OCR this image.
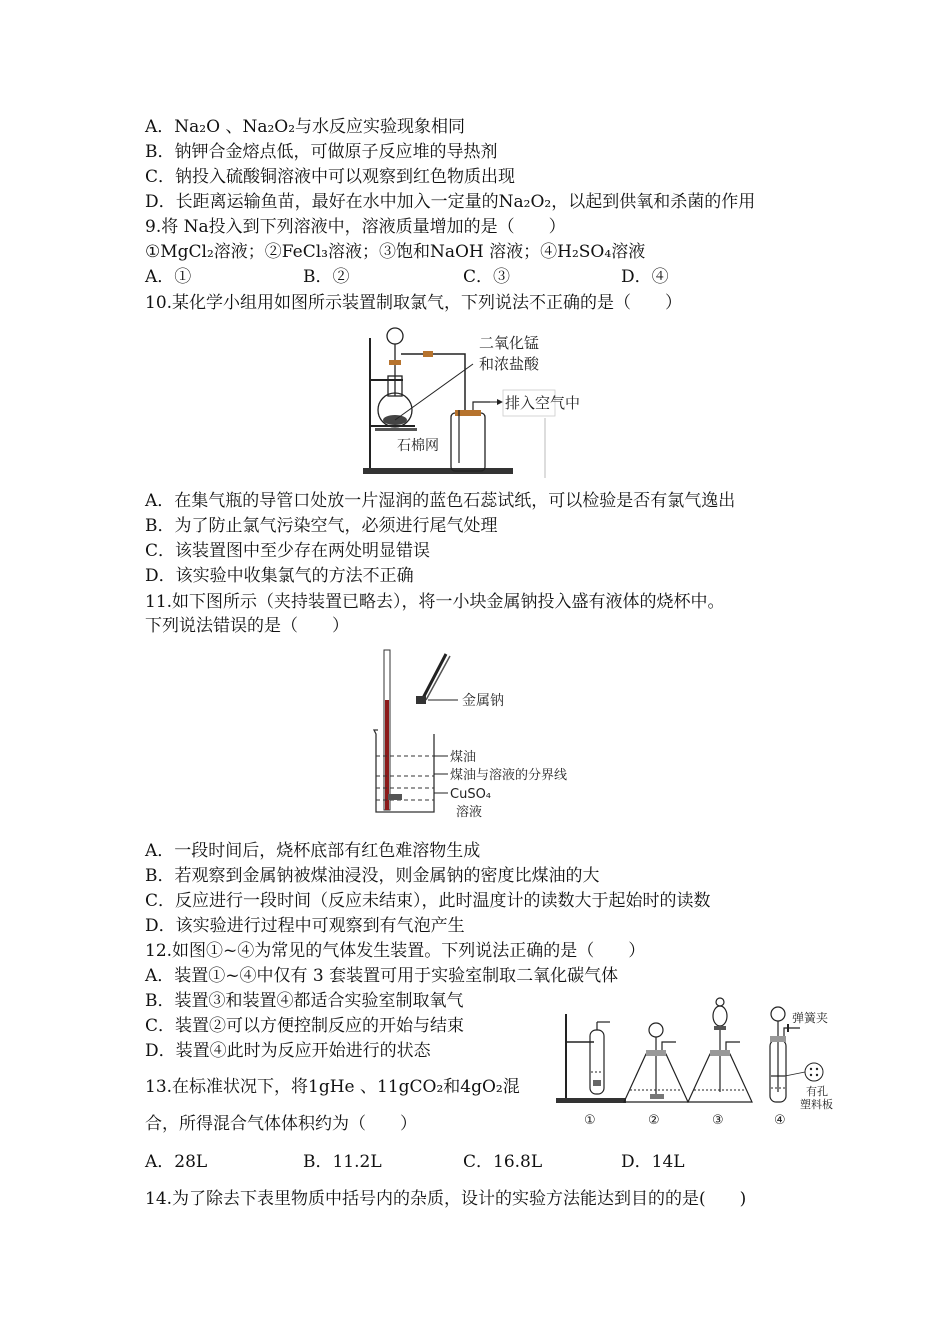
A．Na₂O 、Na₂O₂与水反应实验现象相同
B．钠钾合金熔点低，可做原子反应堆的导热剂
C．钠投入硫酸铜溶液中可以观察到红色物质出现
D．长距离运输鱼苗，最好在水中加入一定量的Na₂O₂，以起到供氧和杀菌的作用
9.将 Na投入到下列溶液中，溶液质量增加的是（　　）
①MgCl₂溶液；②FeCl₃溶液；③饱和NaOH 溶液；④H₂SO₄溶液
A．①	B．②	C．③	D．④
10.某化学小组用如图所示装置制取氯气，下列说法不正确的是（　　）
二氧化锰
和浓盐酸
排入空气中
石棉网
A．在集气瓶的导管口处放一片湿润的蓝色石蕊试纸，可以检验是否有氯气逸出
B．为了防止氯气污染空气，必须进行尾气处理
C．该装置图中至少存在两处明显错误
D．该实验中收集氯气的方法不正确
11.如下图所示（夹持装置已略去），将一小块金属钠投入盛有液体的烧杯中。
下列说法错误的是（　　）
金属钠
煤油
煤油与溶液的分界线
CuSO₄
溶液
A．一段时间后，烧杯底部有红色难溶物生成
B．若观察到金属钠被煤油浸没，则金属钠的密度比煤油的大
C．反应进行一段时间（反应未结束），此时温度计的读数大于起始时的读数
D．该实验进行过程中可观察到有气泡产生
12.如图①~④为常见的气体发生装置。下列说法正确的是（　　）
A．装置①~④中仅有 3 套装置可用于实验室制取二氧化碳气体
B．装置③和装置④都适合实验室制取氧气
C．装置②可以方便控制反应的开始与结束
D．装置④此时为反应开始进行的状态
①	②	③
弹簧夹
有孔
塑料板
④
13.在标准状况下，将1gHe 、11gCO₂和4gO₂混
合，所得混合气体体积约为（　　）
A．28L	B．11.2L	C．16.8L	D．14L
14.为了除去下表里物质中括号内的杂质，设计的实验方法能达到目的的是(　　)
